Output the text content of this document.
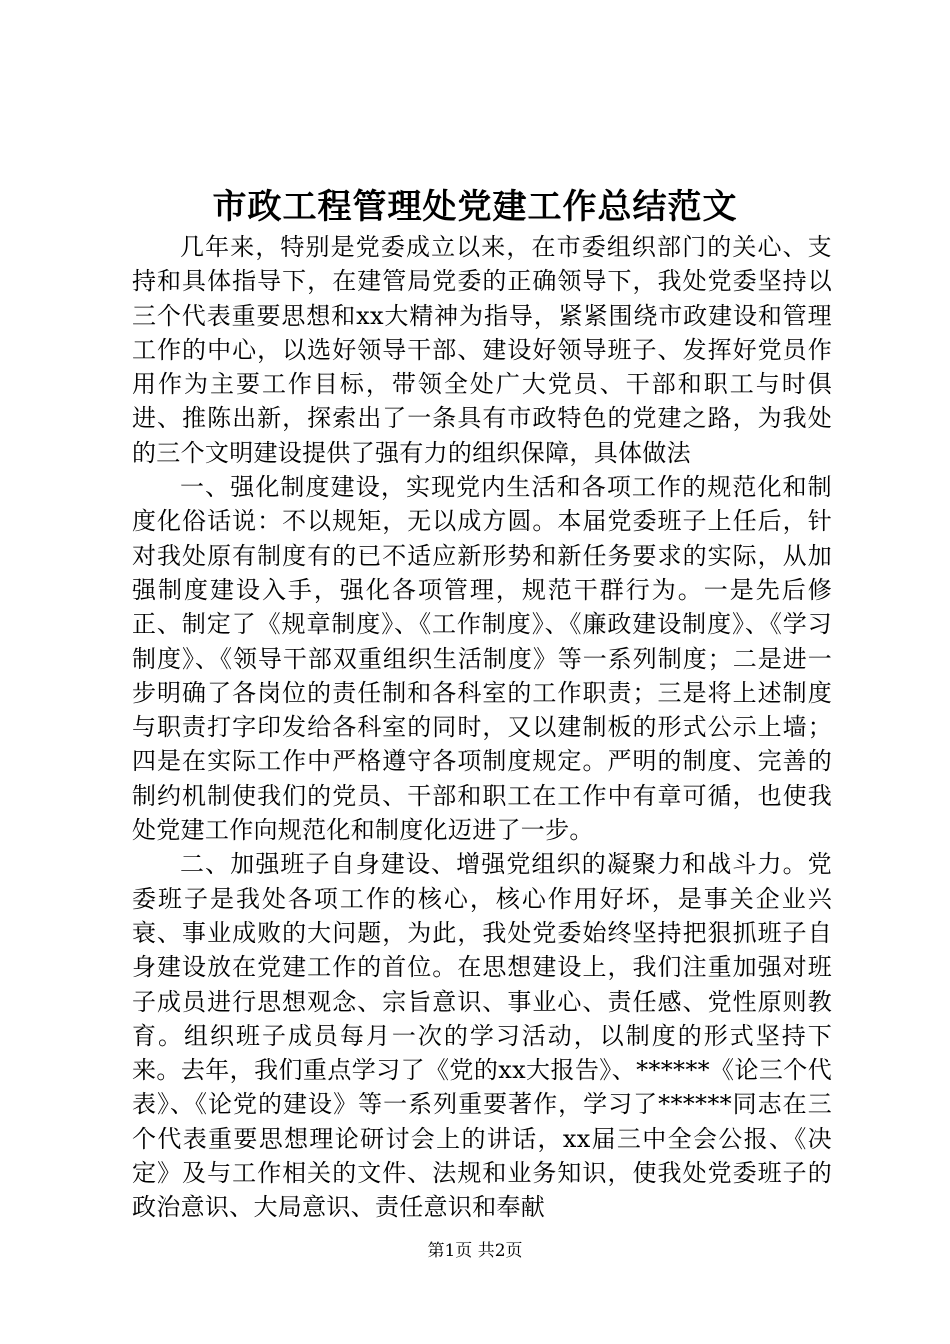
市政工程管理处党建工作总结范文

几年来，特别是党委成立以来，在市委组织部门的关心、支持和具体指导下，在建管局党委的正确领导下，我处党委坚持以三个代表重要思想和xx大精神为指导，紧紧围绕市政建设和管理工作的中心，以选好领导干部、建设好领导班子、发挥好党员作用作为主要工作目标，带领全处广大党员、干部和职工与时俱进、推陈出新，探索出了一条具有市政特色的党建之路，为我处的三个文明建设提供了强有力的组织保障，具体做法

一、强化制度建设，实现党内生活和各项工作的规范化和制度化俗话说：不以规矩，无以成方圆。本届党委班子上任后，针对我处原有制度有的已不适应新形势和新任务要求的实际，从加强制度建设入手，强化各项管理，规范干群行为。一是先后修正、制定了《规章制度》、《工作制度》、《廉政建设制度》、《学习制度》、《领导干部双重组织生活制度》等一系列制度；二是进一步明确了各岗位的责任制和各科室的工作职责；三是将上述制度与职责打字印发给各科室的同时，又以建制板的形式公示上墙；四是在实际工作中严格遵守各项制度规定。严明的制度、完善的制约机制使我们的党员、干部和职工在工作中有章可循，也使我处党建工作向规范化和制度化迈进了一步。

二、加强班子自身建设、增强党组织的凝聚力和战斗力。党委班子是我处各项工作的核心，核心作用好坏，是事关企业兴衰、事业成败的大问题，为此，我处党委始终坚持把狠抓班子自身建设放在党建工作的首位。在思想建设上，我们注重加强对班子成员进行思想观念、宗旨意识、事业心、责任感、党性原则教育。组织班子成员每月一次的学习活动，以制度的形式坚持下来。去年，我们重点学习了《党的xx大报告》、******《论三个代表》、《论党的建设》等一系列重要著作，学习了******同志在三个代表重要思想理论研讨会上的讲话，xx届三中全会公报、《决定》及与工作相关的文件、法规和业务知识，使我处党委班子的政治意识、大局意识、责任意识和奉献

第1页 共2页
